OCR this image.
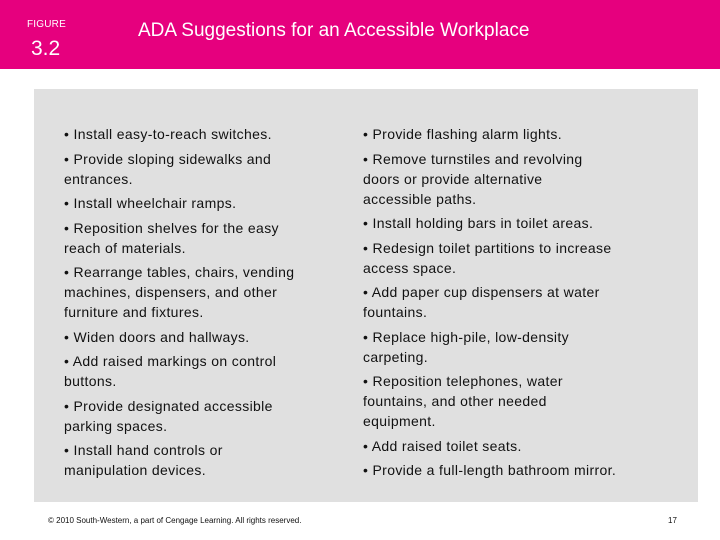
FIGURE
3.2
ADA Suggestions for an Accessible Workplace
• Install easy-to-reach switches.
• Provide sloping sidewalks and
entrances.
• Install wheelchair ramps.
• Reposition shelves for the easy
reach of materials.
• Rearrange tables, chairs, vending
machines, dispensers, and other
furniture and fixtures.
• Widen doors and hallways.
• Add raised markings on control
buttons.
• Provide designated accessible
parking spaces.
• Install hand controls or
manipulation devices.
• Provide flashing alarm lights.
• Remove turnstiles and revolving
doors or provide alternative
accessible paths.
• Install holding bars in toilet areas.
• Redesign toilet partitions to increase
access space.
• Add paper cup dispensers at water
fountains.
• Replace high-pile, low-density
carpeting.
• Reposition telephones, water
fountains, and other needed
equipment.
• Add raised toilet seats.
• Provide a full-length bathroom mirror.
© 2010 South-Western, a part of Cengage Learning. All rights reserved.	17
